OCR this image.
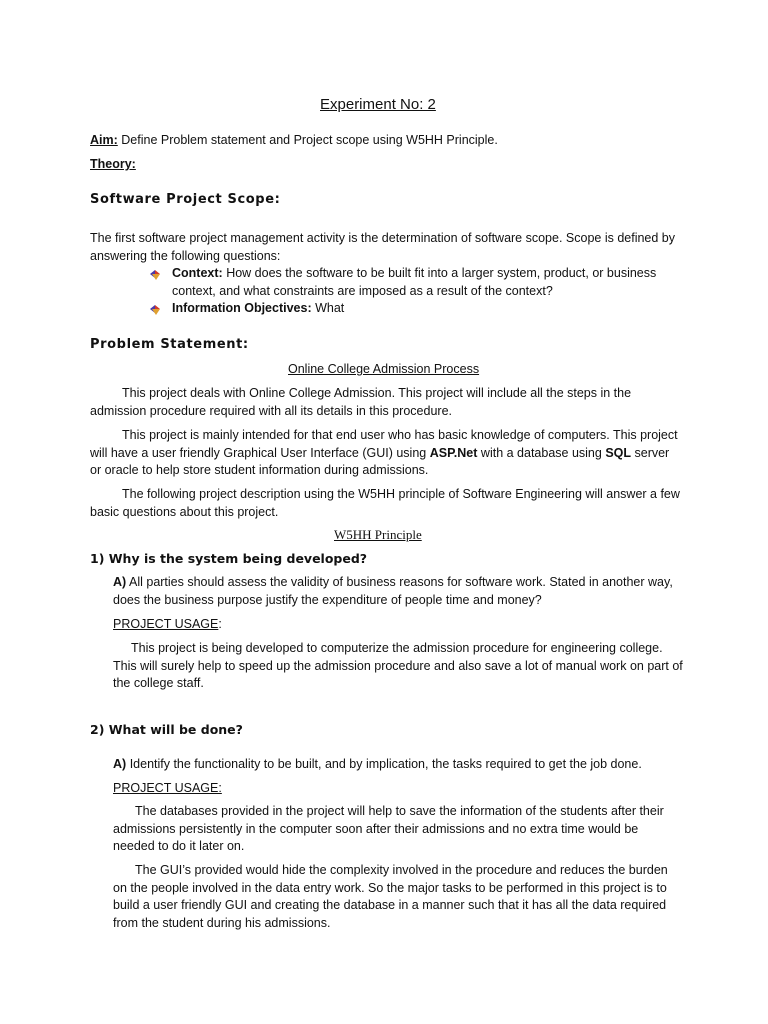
Experiment No: 2
Aim: Define Problem statement and Project scope using W5HH Principle.
Theory:
Software Project Scope:
The first software project management activity is the determination of software scope. Scope is defined by answering the following questions:
Context: How does the software to be built fit into a larger system, product, or business context, and what constraints are imposed as a result of the context?
Information Objectives: What
Problem Statement:
Online College Admission Process
This project deals with Online College Admission. This project will include all the steps in the admission procedure required with all its details in this procedure.
This project is mainly intended for that end user who has basic knowledge of computers. This project will have a user friendly Graphical User Interface (GUI) using ASP.Net with a database using SQL server or oracle to help store student information during admissions.
The following project description using the W5HH principle of Software Engineering will answer a few basic questions about this project.
W5HH Principle
1) Why is the system being developed?
A) All parties should assess the validity of business reasons for software work. Stated in another way, does the business purpose justify the expenditure of people time and money?
PROJECT USAGE:
This project is being developed to computerize the admission procedure for engineering college. This will surely help to speed up the admission procedure and also save a lot of manual work on part of the college staff.
2) What will be done?
A) Identify the functionality to be built, and by implication, the tasks required to get the job done.
PROJECT USAGE:
The databases provided in the project will help to save the information of the students after their admissions persistently in the computer soon after their admissions and no extra time would be needed to do it later on.
The GUI’s provided would hide the complexity involved in the procedure and reduces the burden on the people involved in the data entry work. So the major tasks to be performed in this project is to build a user friendly GUI and creating the database in a manner such that it has all the data required from the student during his admissions.
